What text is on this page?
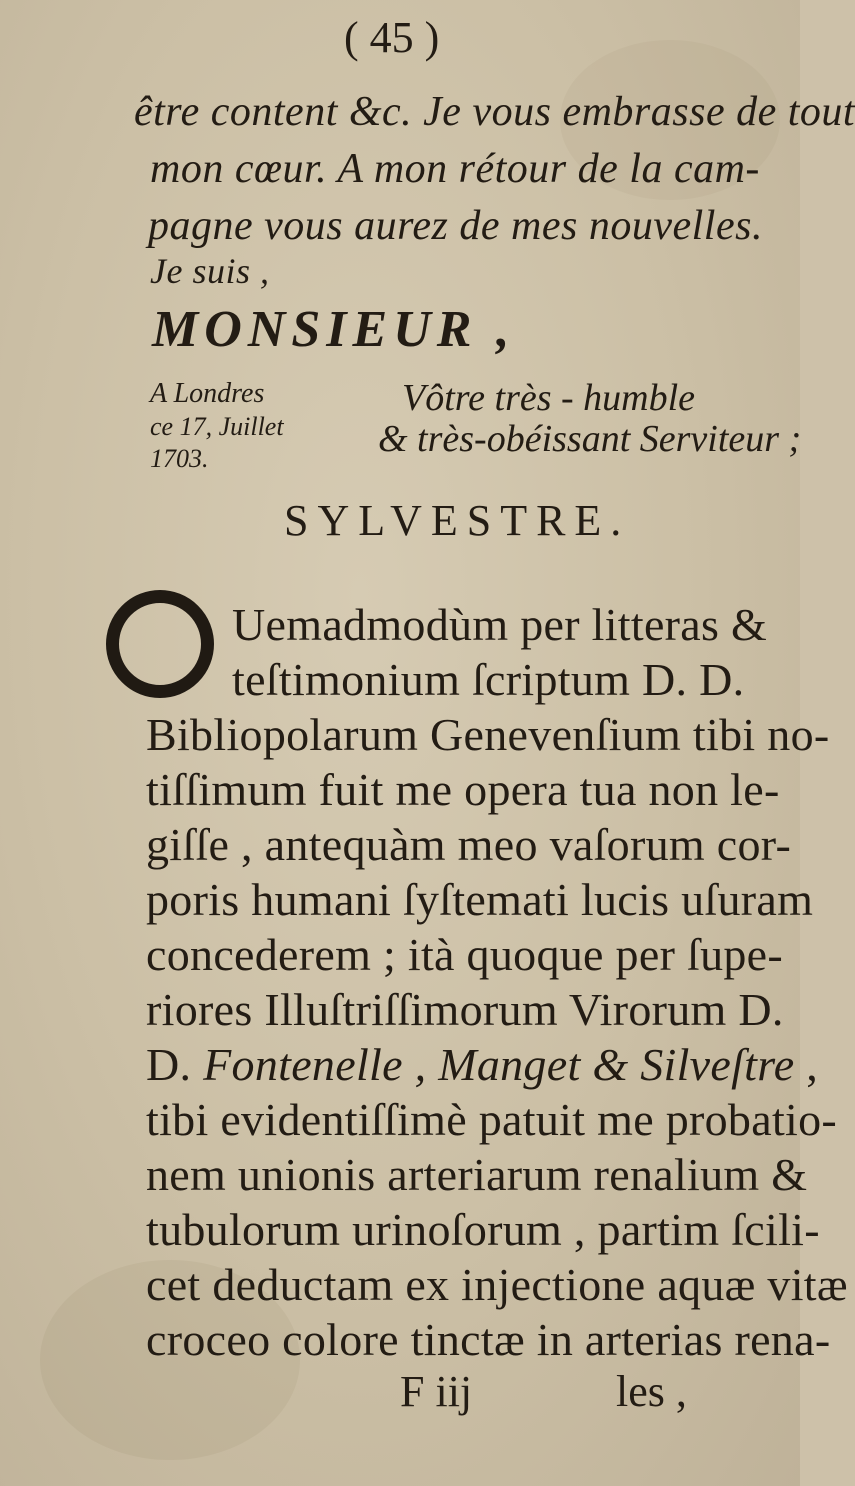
( 45 )
être content &c. Je vous embrasse de tout
mon cœur. A mon rétour de la cam-
pagne vous aurez de mes nouvelles.
Je suis ,
MONSIEUR ,
A Londres
ce 17, Juillet
1703.
Vôtre très - humble
& très-obéissant Serviteur ;
SYLVESTRE.
Uemadmodùm per litteras &
teſtimonium ſcriptum D. D.
Bibliopolarum Genevenſium tibi no-
tiſſimum fuit me opera tua non le-
giſſe , antequàm meo vaſorum cor-
poris humani ſyſtemati lucis uſuram
concederem ; ità quoque per ſupe-
riores Illuſtriſſimorum Virorum D.
D. Fontenelle , Manget & Silveſtre ,
tibi evidentiſſimè patuit me probatio-
nem unionis arteriarum renalium &
tubulorum urinoſorum , partim ſcili-
cet deductam ex injectione aquæ vitæ
croceo colore tinctæ in arterias rena-
F iij	les ,
